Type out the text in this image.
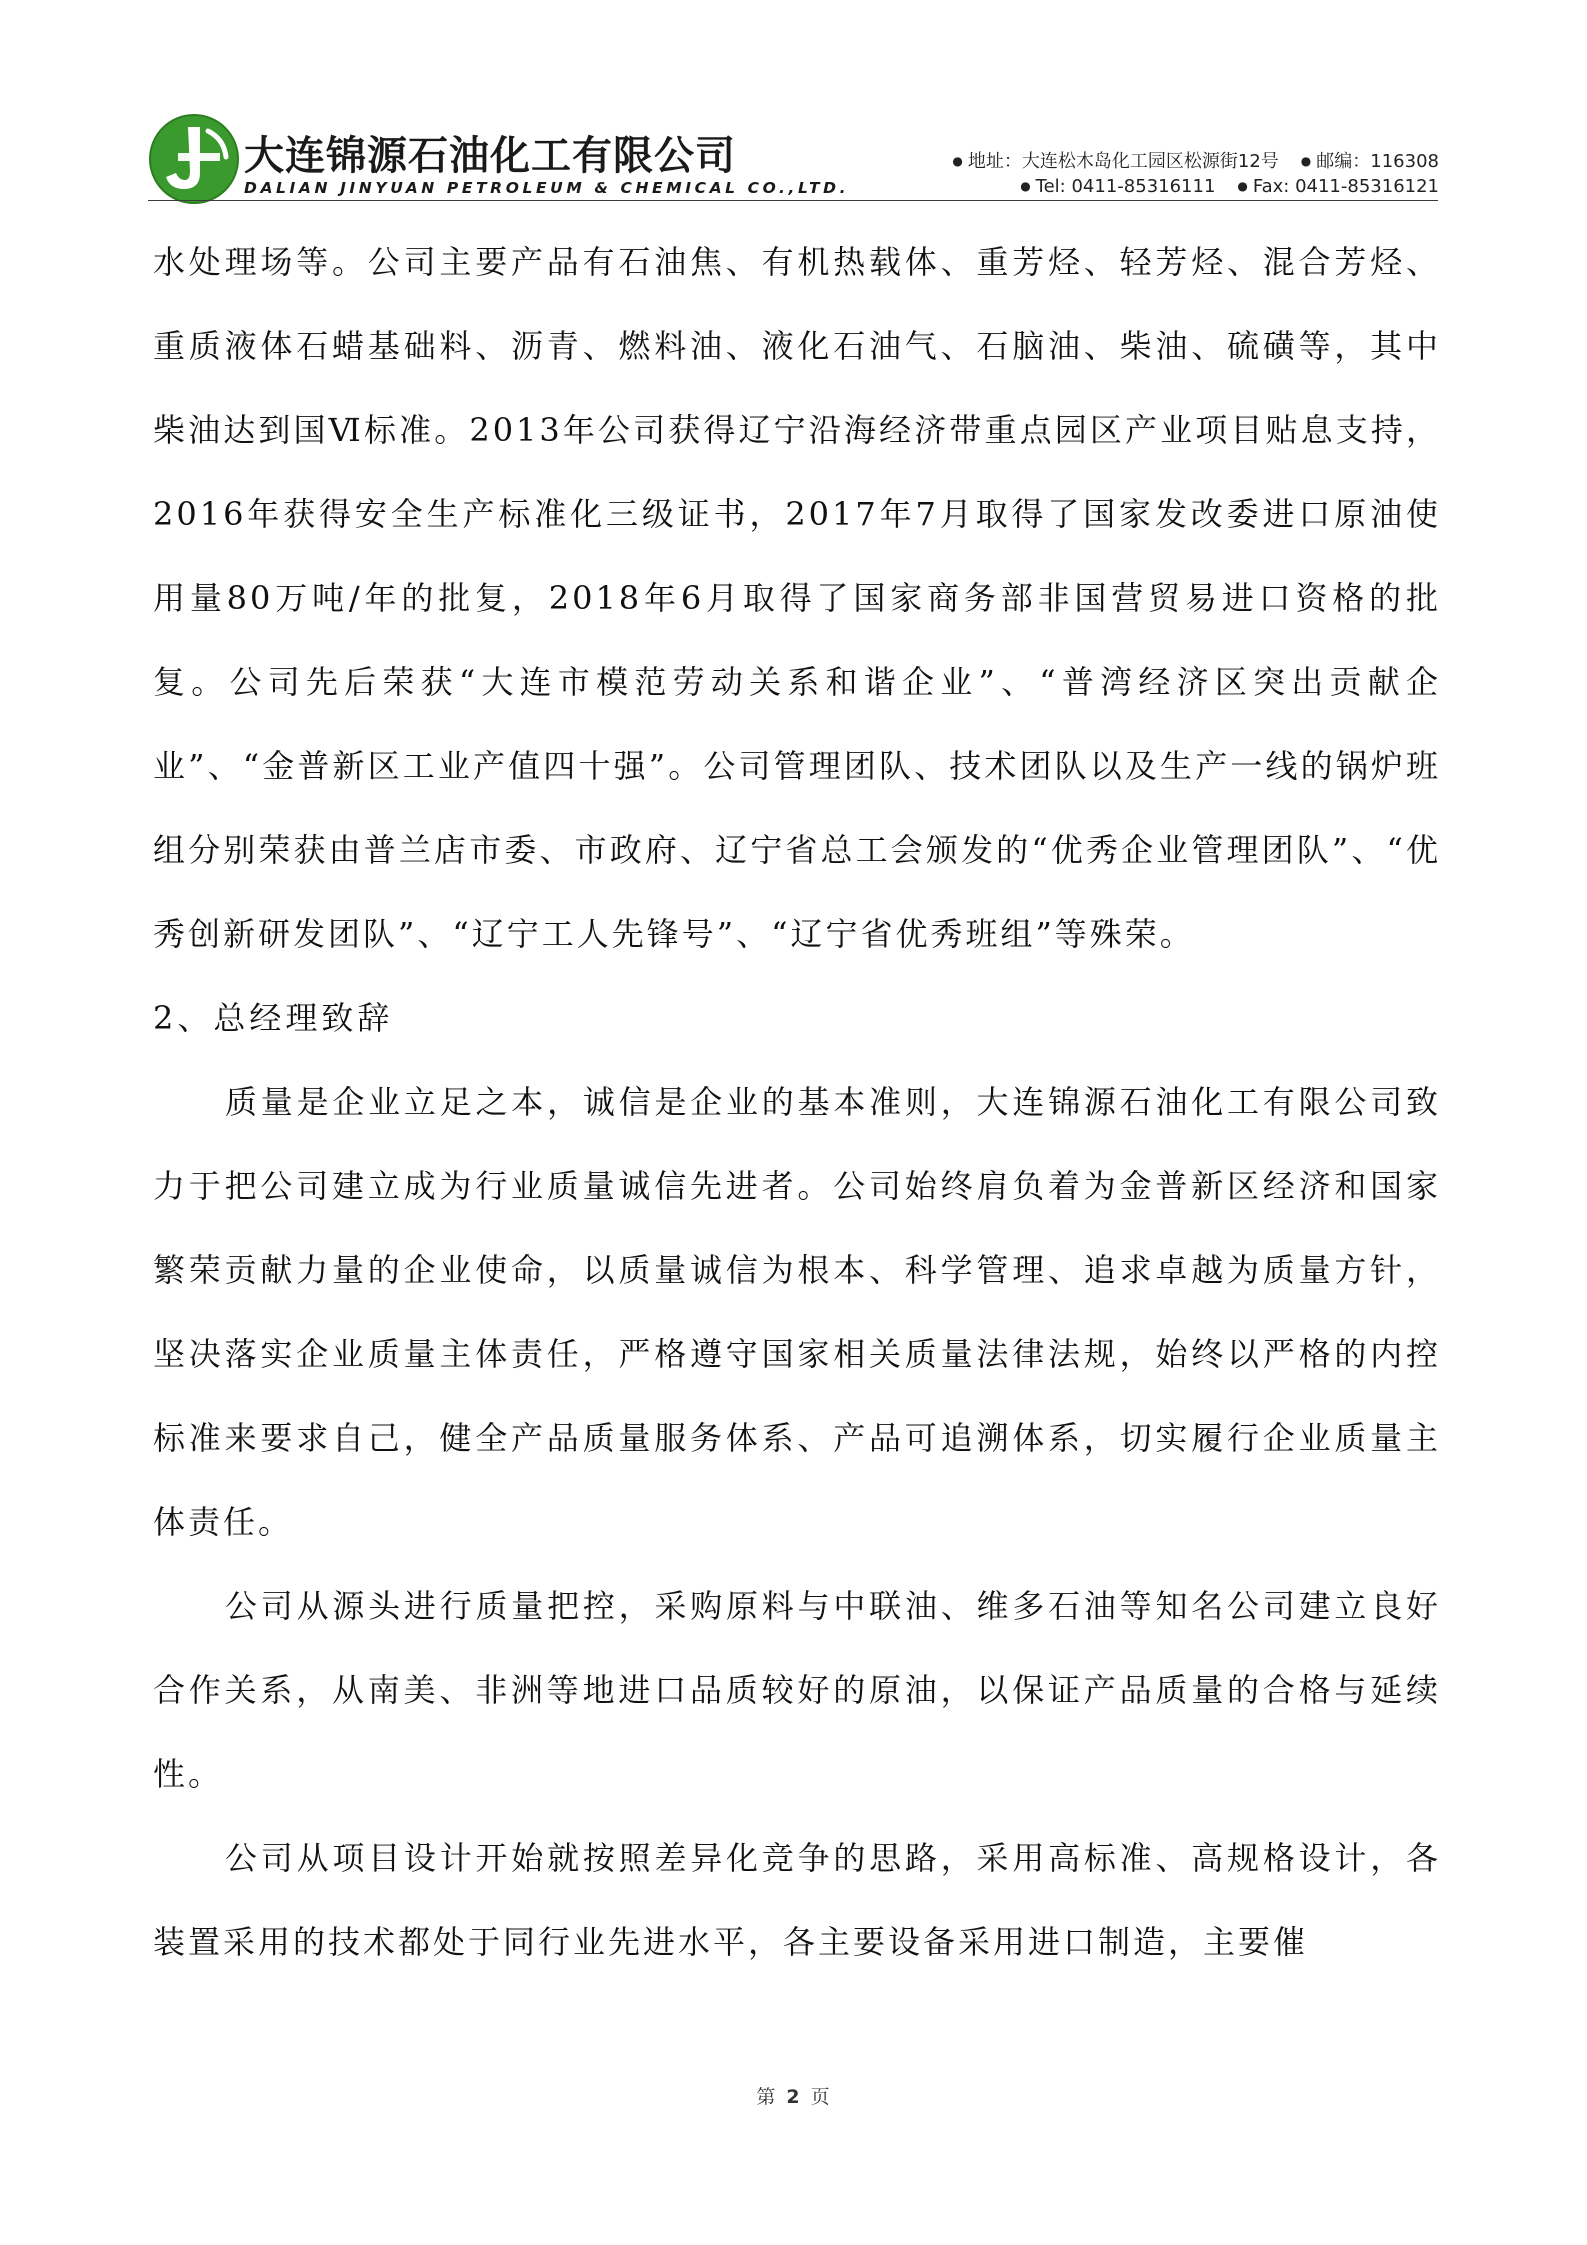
大连锦源石油化工有限公司
DALIAN JINYUAN PETROLEUM & CHEMICAL CO.,LTD.
● 地址：大连松木岛化工园区松源街12号 ● 邮编：116308
● Tel: 0411-85316111 ● Fax: 0411-85316121

水处理场等。公司主要产品有石油焦、有机热载体、重芳烃、轻芳烃、混合芳烃、重质液体石蜡基础料、沥青、燃料油、液化石油气、石脑油、柴油、硫磺等，其中柴油达到国Ⅵ标准。2013年公司获得辽宁沿海经济带重点园区产业项目贴息支持，2016年获得安全生产标准化三级证书，2017年7月取得了国家发改委进口原油使用量80万吨/年的批复，2018年6月取得了国家商务部非国营贸易进口资格的批复。公司先后荣获“大连市模范劳动关系和谐企业”、“普湾经济区突出贡献企业”、“金普新区工业产值四十强”。公司管理团队、技术团队以及生产一线的锅炉班组分别荣获由普兰店市委、市政府、辽宁省总工会颁发的“优秀企业管理团队”、“优秀创新研发团队”、“辽宁工人先锋号”、“辽宁省优秀班组”等殊荣。

2、总经理致辞

质量是企业立足之本，诚信是企业的基本准则，大连锦源石油化工有限公司致力于把公司建立成为行业质量诚信先进者。公司始终肩负着为金普新区经济和国家繁荣贡献力量的企业使命，以质量诚信为根本、科学管理、追求卓越为质量方针，坚决落实企业质量主体责任，严格遵守国家相关质量法律法规，始终以严格的内控标准来要求自己，健全产品质量服务体系、产品可追溯体系，切实履行企业质量主体责任。

公司从源头进行质量把控，采购原料与中联油、维多石油等知名公司建立良好合作关系，从南美、非洲等地进口品质较好的原油，以保证产品质量的合格与延续性。

公司从项目设计开始就按照差异化竞争的思路，采用高标准、高规格设计，各装置采用的技术都处于同行业先进水平，各主要设备采用进口制造，主要催

第 2 页
